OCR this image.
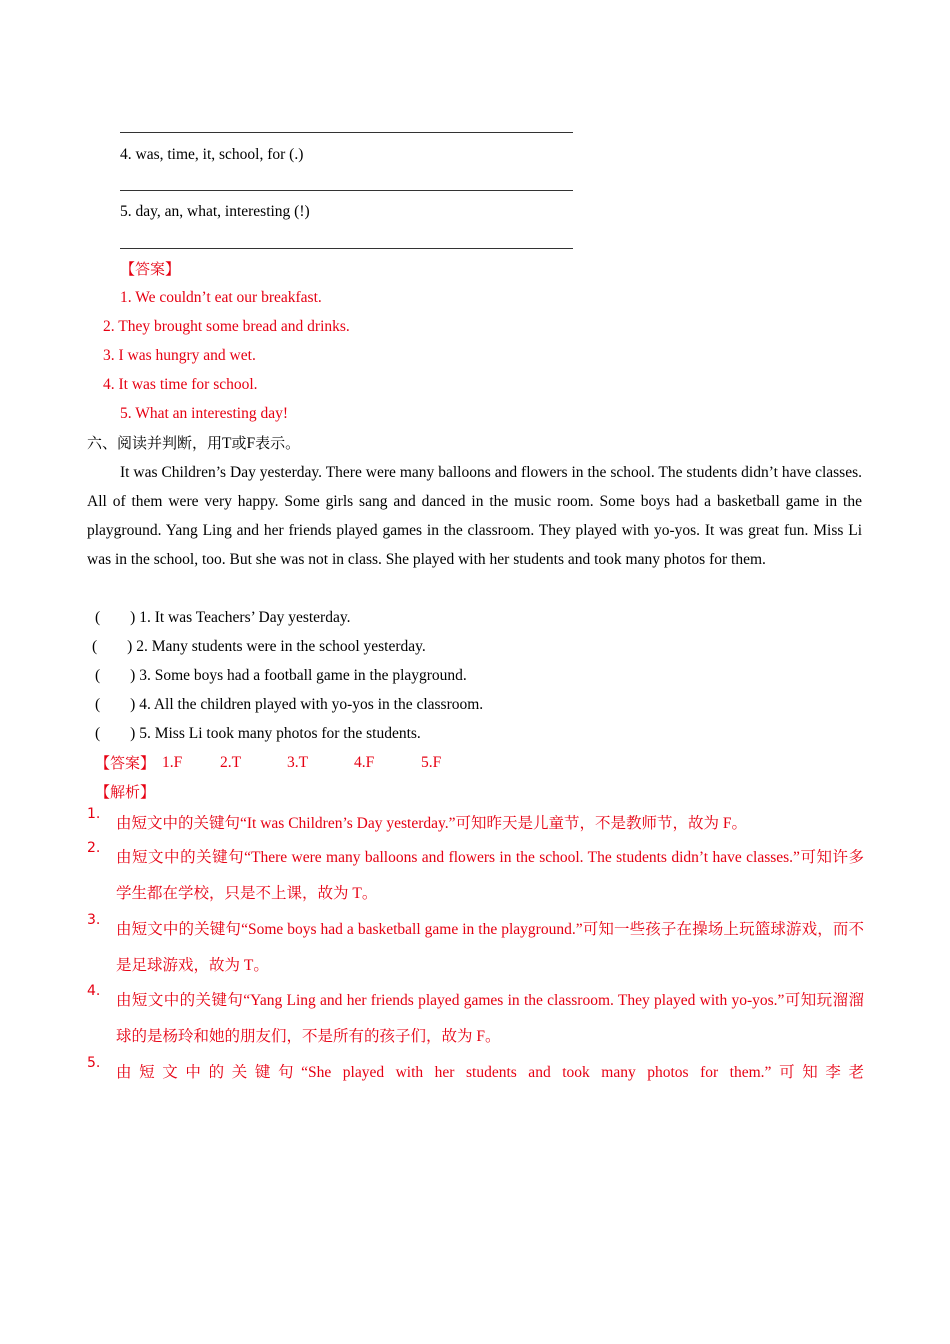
4. was, time, it, school, for (.)
5. day, an, what, interesting (!)
【答案】
1. We couldn’t eat our breakfast.
2. They brought some bread and drinks.
3. I was hungry and wet.
4. It was time for school.
5. What an interesting day!
六、阅读并判断，用T或F表示。

It was Children’s Day yesterday. There were many balloons and flowers in the school. The students didn’t have classes. All of them were very happy. Some girls sang and danced in the music room. Some boys had a basketball game in the playground. Yang Ling and her friends played games in the classroom. They played with yo-yos. It was great fun. Miss Li was in the school, too. But she was not in class. She played with her students and took many photos for them.

( ) 1. It was Teachers’ Day yesterday.
( ) 2. Many students were in the school yesterday.
( ) 3. Some boys had a football game in the playground.
( ) 4. All the children played with yo-yos in the classroom.
( ) 5. Miss Li took many photos for the students.
【答案】 1.F 2.T	3.T	4.F	5.F
【解析】
1.
由短文中的关键句“It was Children’s Day yesterday.”可知昨天是儿童节，不是教师节，故为 F。
2.
由短文中的关键句“There were many balloons and flowers in the school. The students didn’t have classes.”可知许多学生都在学校，只是不上课，故为 T。
3.
由短文中的关键句“Some boys had a basketball game in the playground.”可知一些孩子在操场上玩篮球游戏，而不是足球游戏，故为 T。
4.
由短文中的关键句“Yang Ling and her friends played games in the classroom. They played with yo-yos.”可知玩溜溜球的是杨玲和她的朋友们，不是所有的孩子们，故为 F。
5.
由短文中的关键句“She played with her students and took many photos for them.”可知李老
